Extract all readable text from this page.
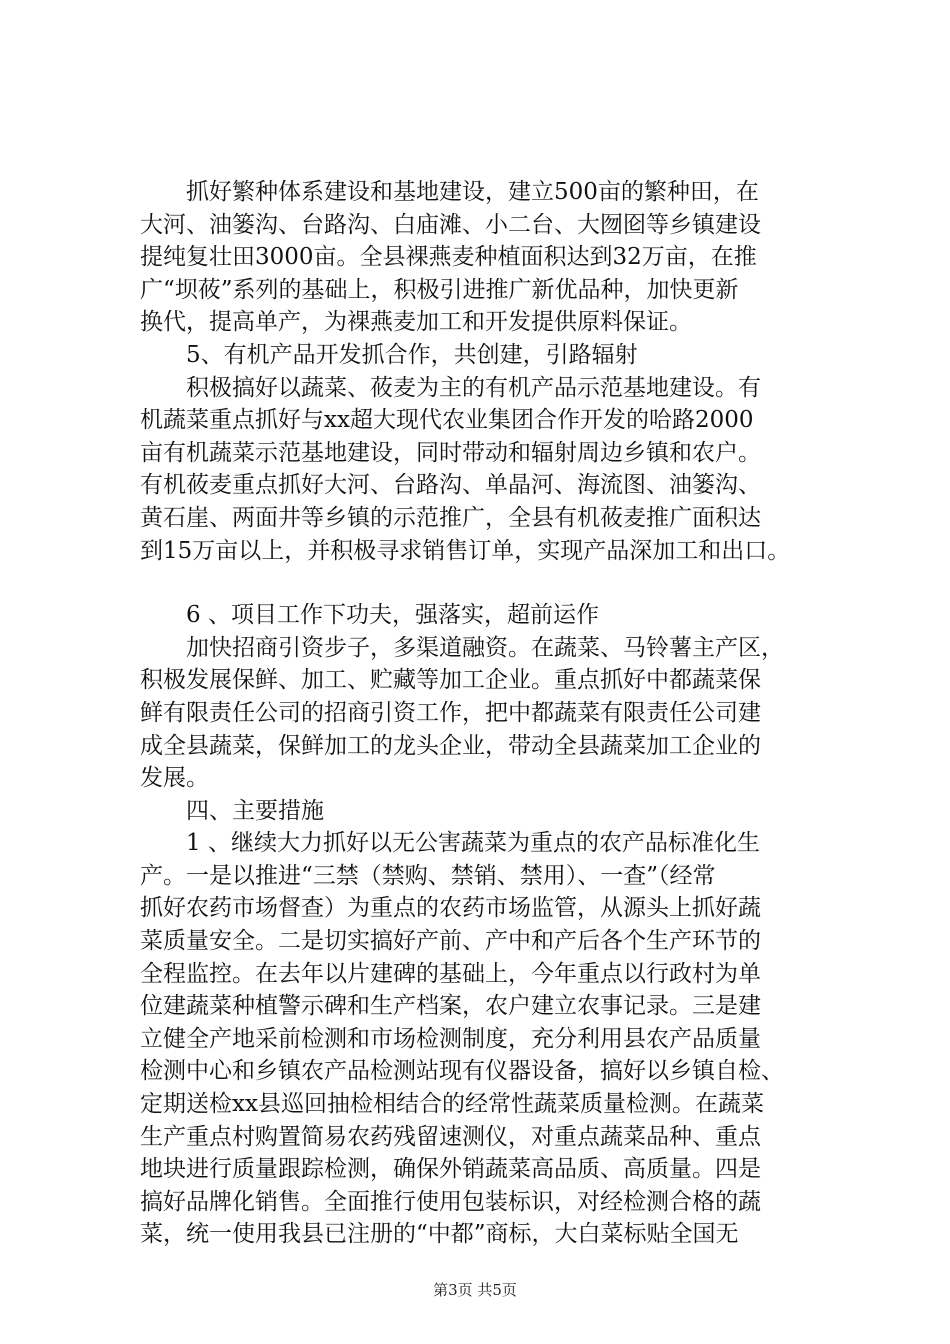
抓好繁种体系建设和基地建设，建立500亩的繁种田，在
大河、油篓沟、台路沟、白庙滩、小二台、大囫囵等乡镇建设
提纯复壮田3000亩。全县裸燕麦种植面积达到32万亩，在推
广“坝莜”系列的基础上，积极引进推广新优品种，加快更新
换代，提高单产，为裸燕麦加工和开发提供原料保证。
5、有机产品开发抓合作，共创建，引路辐射
积极搞好以蔬菜、莜麦为主的有机产品示范基地建设。有
机蔬菜重点抓好与xx超大现代农业集团合作开发的哈路2000
亩有机蔬菜示范基地建设，同时带动和辐射周边乡镇和农户。
有机莜麦重点抓好大河、台路沟、单晶河、海流图、油篓沟、
黄石崖、两面井等乡镇的示范推广，全县有机莜麦推广面积达
到15万亩以上，并积极寻求销售订单，实现产品深加工和出口。
6 、项目工作下功夫，强落实，超前运作
加快招商引资步子，多渠道融资。在蔬菜、马铃薯主产区，
积极发展保鲜、加工、贮藏等加工企业。重点抓好中都蔬菜保
鲜有限责任公司的招商引资工作，把中都蔬菜有限责任公司建
成全县蔬菜，保鲜加工的龙头企业，带动全县蔬菜加工企业的
发展。
四、主要措施
1 、继续大力抓好以无公害蔬菜为重点的农产品标准化生
产。一是以推进“三禁（禁购、禁销、禁用）、一查”（经常
抓好农药市场督查）为重点的农药市场监管，从源头上抓好蔬
菜质量安全。二是切实搞好产前、产中和产后各个生产环节的
全程监控。在去年以片建碑的基础上，今年重点以行政村为单
位建蔬菜种植警示碑和生产档案，农户建立农事记录。三是建
立健全产地采前检测和市场检测制度，充分利用县农产品质量
检测中心和乡镇农产品检测站现有仪器设备，搞好以乡镇自检、
定期送检xx县巡回抽检相结合的经常性蔬菜质量检测。在蔬菜
生产重点村购置简易农药残留速测仪，对重点蔬菜品种、重点
地块进行质量跟踪检测，确保外销蔬菜高品质、高质量。四是
搞好品牌化销售。全面推行使用包装标识，对经检测合格的蔬
菜，统一使用我县已注册的“中都”商标，大白菜标贴全国无
第3页 共5页
